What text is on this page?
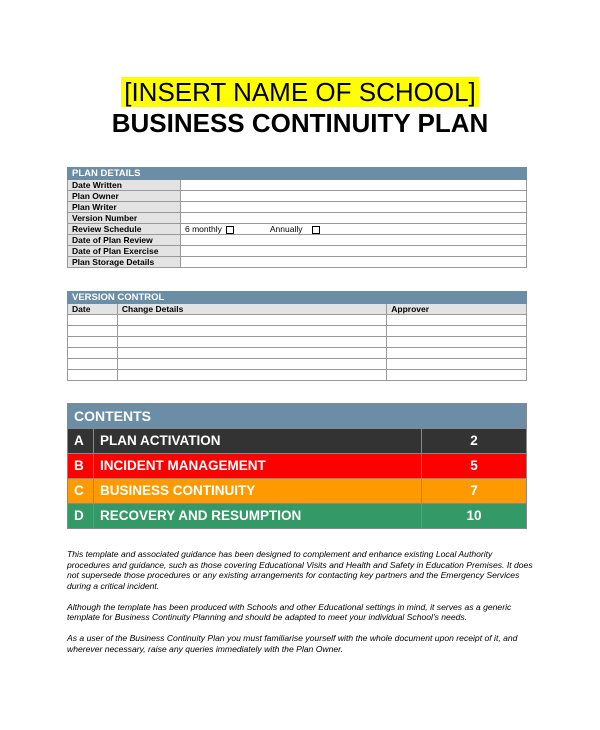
[INSERT NAME OF SCHOOL]
BUSINESS CONTINUITY PLAN
PLAN DETAILS	
Date Written	
Plan Owner	
Plan Writer	
Version Number	
Review Schedule	6 monthly Annually
Date of Plan Review	
Date of Plan Exercise	
Plan Storage Details	
VERSION CONTROL		
Date	Change Details	Approver

CONTENTS		
A	PLAN ACTIVATION	2
B	INCIDENT MANAGEMENT	5
C	BUSINESS CONTINUITY	7
D	RECOVERY AND RESUMPTION	10

This template and associated guidance has been designed to complement and enhance existing Local Authority procedures and guidance, such as those covering Educational Visits and Health and Safety in Education Premises. It does not supersede those procedures or any existing arrangements for contacting key partners and the Emergency Services during a critical incident.

Although the template has been produced with Schools and other Educational settings in mind, it serves as a generic template for Business Continuity Planning and should be adapted to meet your individual School's needs.

As a user of the Business Continuity Plan you must familiarise yourself with the whole document upon receipt of it, and wherever necessary, raise any queries immediately with the Plan Owner.
